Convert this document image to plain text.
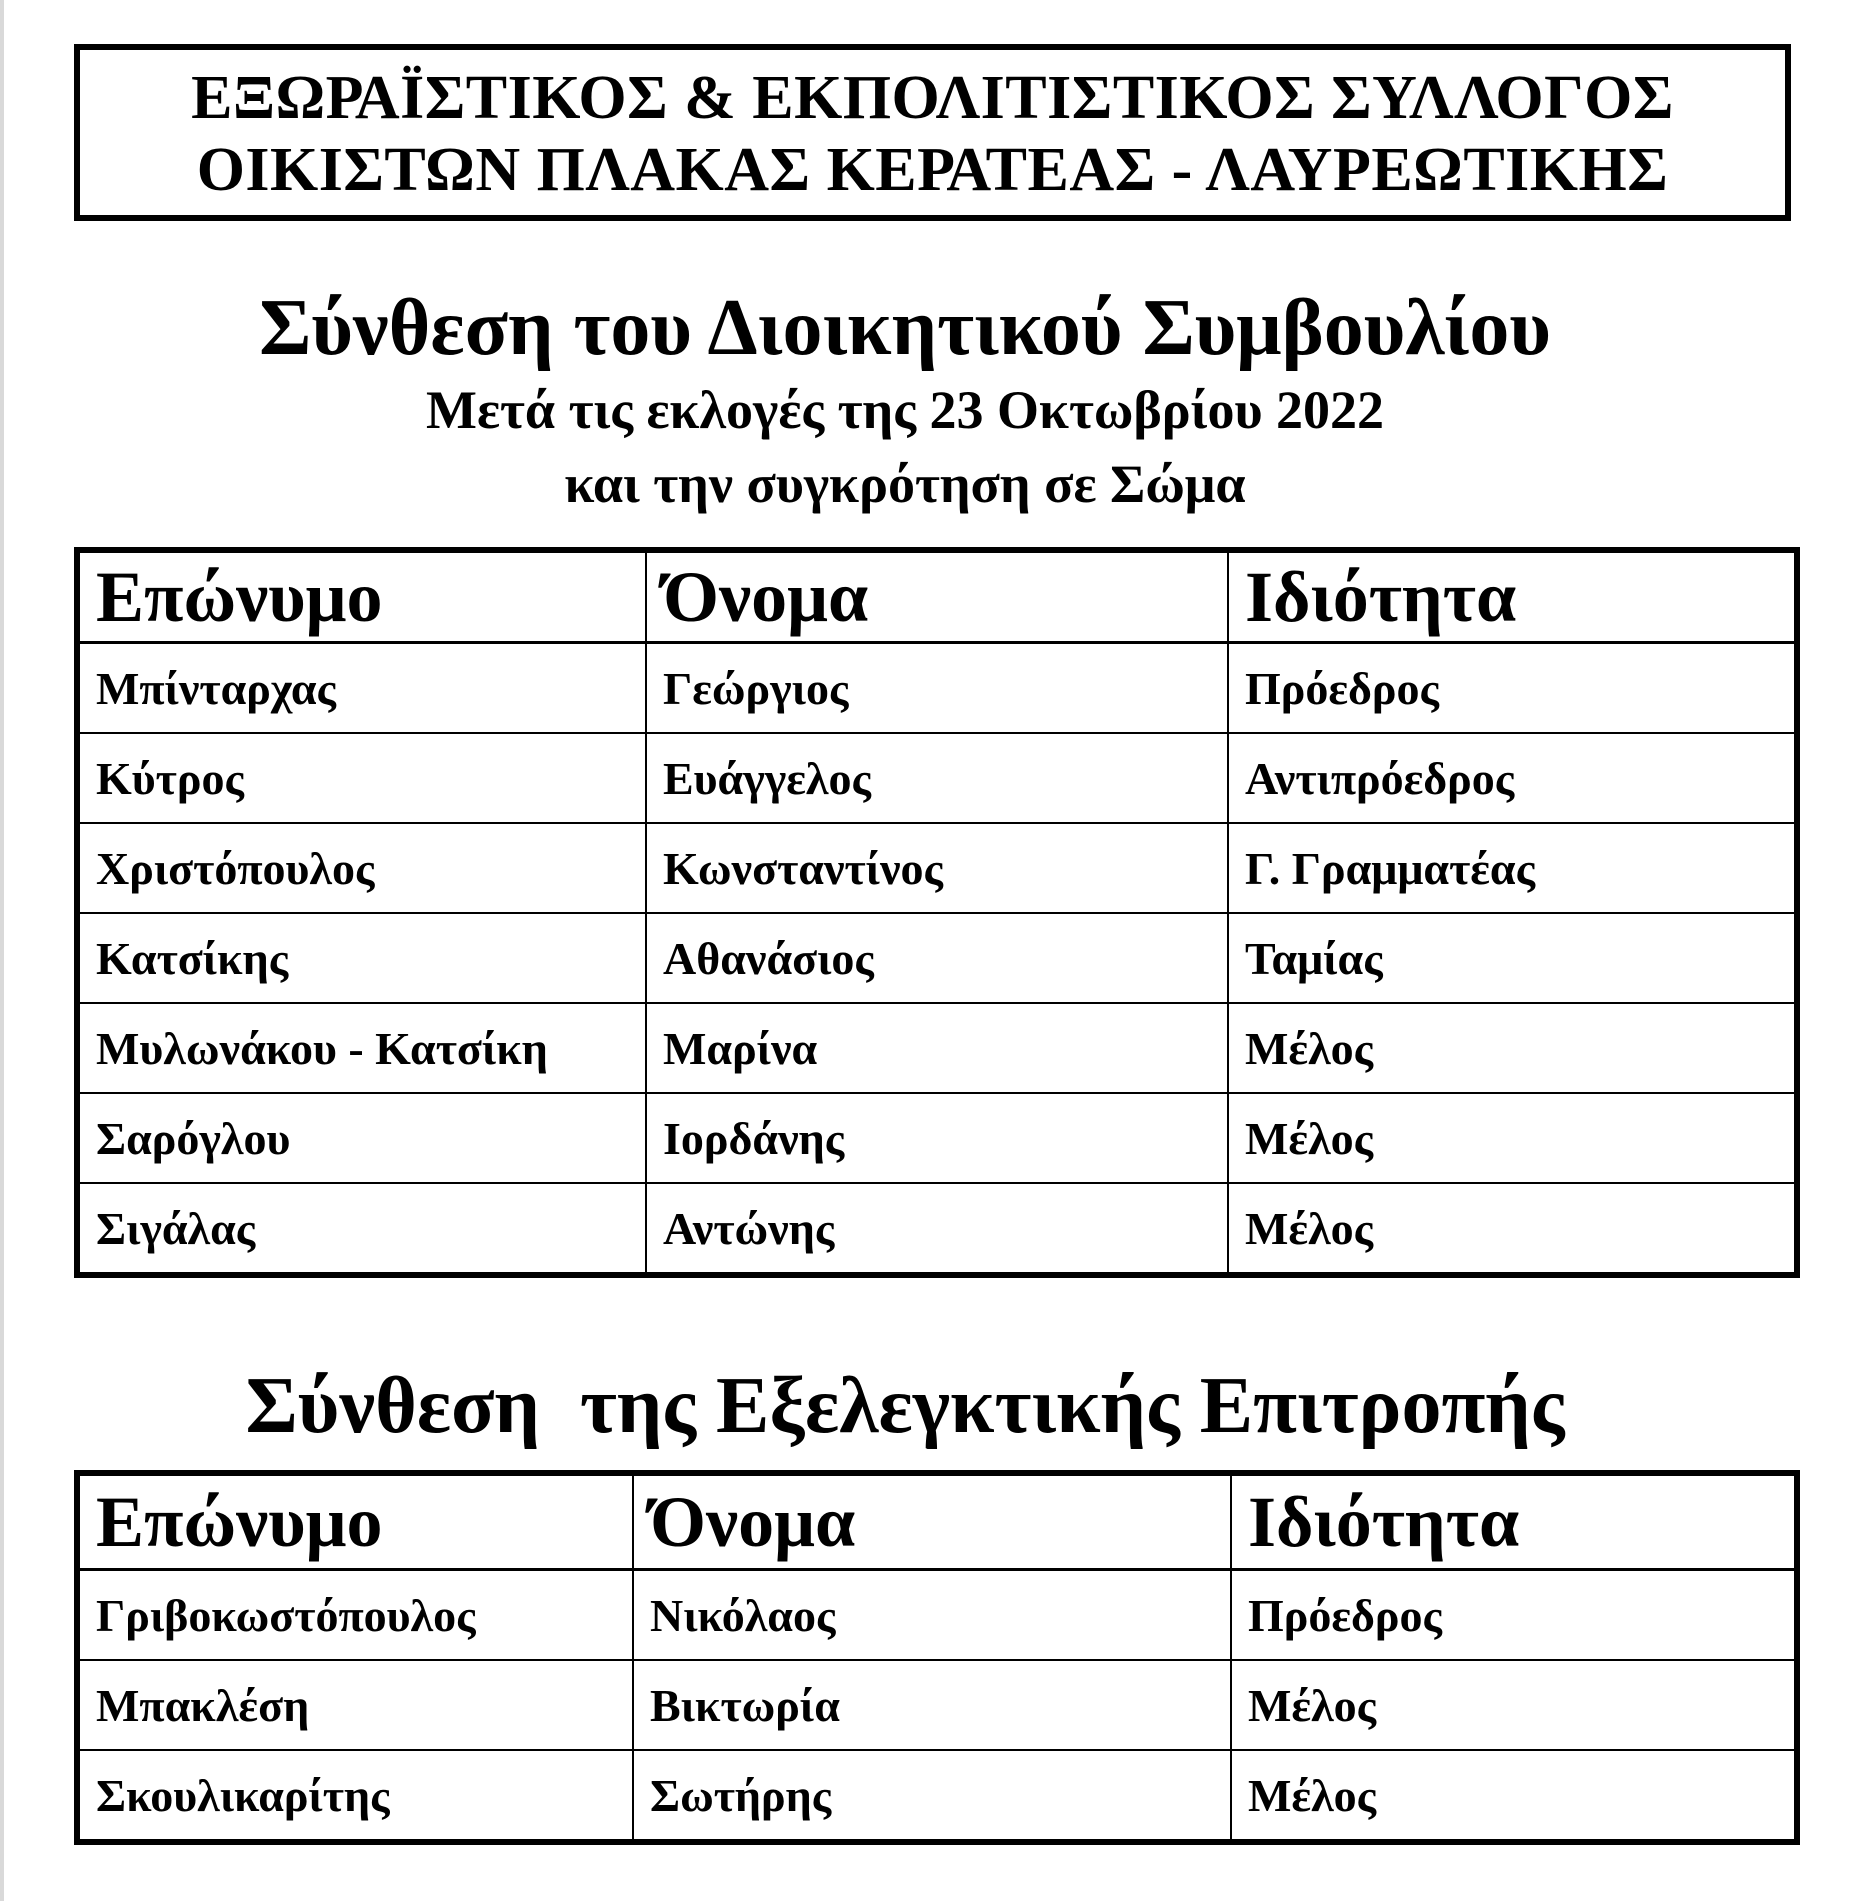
ΕΞΩΡΑΪΣΤΙΚΟΣ & ΕΚΠΟΛΙΤΙΣΤΙΚΟΣ ΣΥΛΛΟΓΟΣ
ΟΙΚΙΣΤΩΝ ΠΛΑΚΑΣ ΚΕΡΑΤΕΑΣ - ΛΑΥΡΕΩΤΙΚΗΣ
Σύνθεση του Διοικητικού Συμβουλίου
Μετά τις εκλογές της 23 Οκτωβρίου 2022
και την συγκρότηση σε Σώμα
Επώνυμο	Όνομα	Ιδιότητα
Μπίνταρχας	Γεώργιος	Πρόεδρος
Κύτρος	Ευάγγελος	Αντιπρόεδρος
Χριστόπουλος	Κωνσταντίνος	Γ. Γραμματέας
Κατσίκης	Αθανάσιος	Ταμίας
Μυλωνάκου - Κατσίκη	Μαρίνα	Μέλος
Σαρόγλου	Ιορδάνης	Μέλος
Σιγάλας	Αντώνης	Μέλος
Σύνθεση  της Εξελεγκτικής Επιτροπής
Επώνυμο	Όνομα	Ιδιότητα
Γριβοκωστόπουλος	Νικόλαος	Πρόεδρος
Μπακλέση	Βικτωρία	Μέλος
Σκουλικαρίτης	Σωτήρης	Μέλος
